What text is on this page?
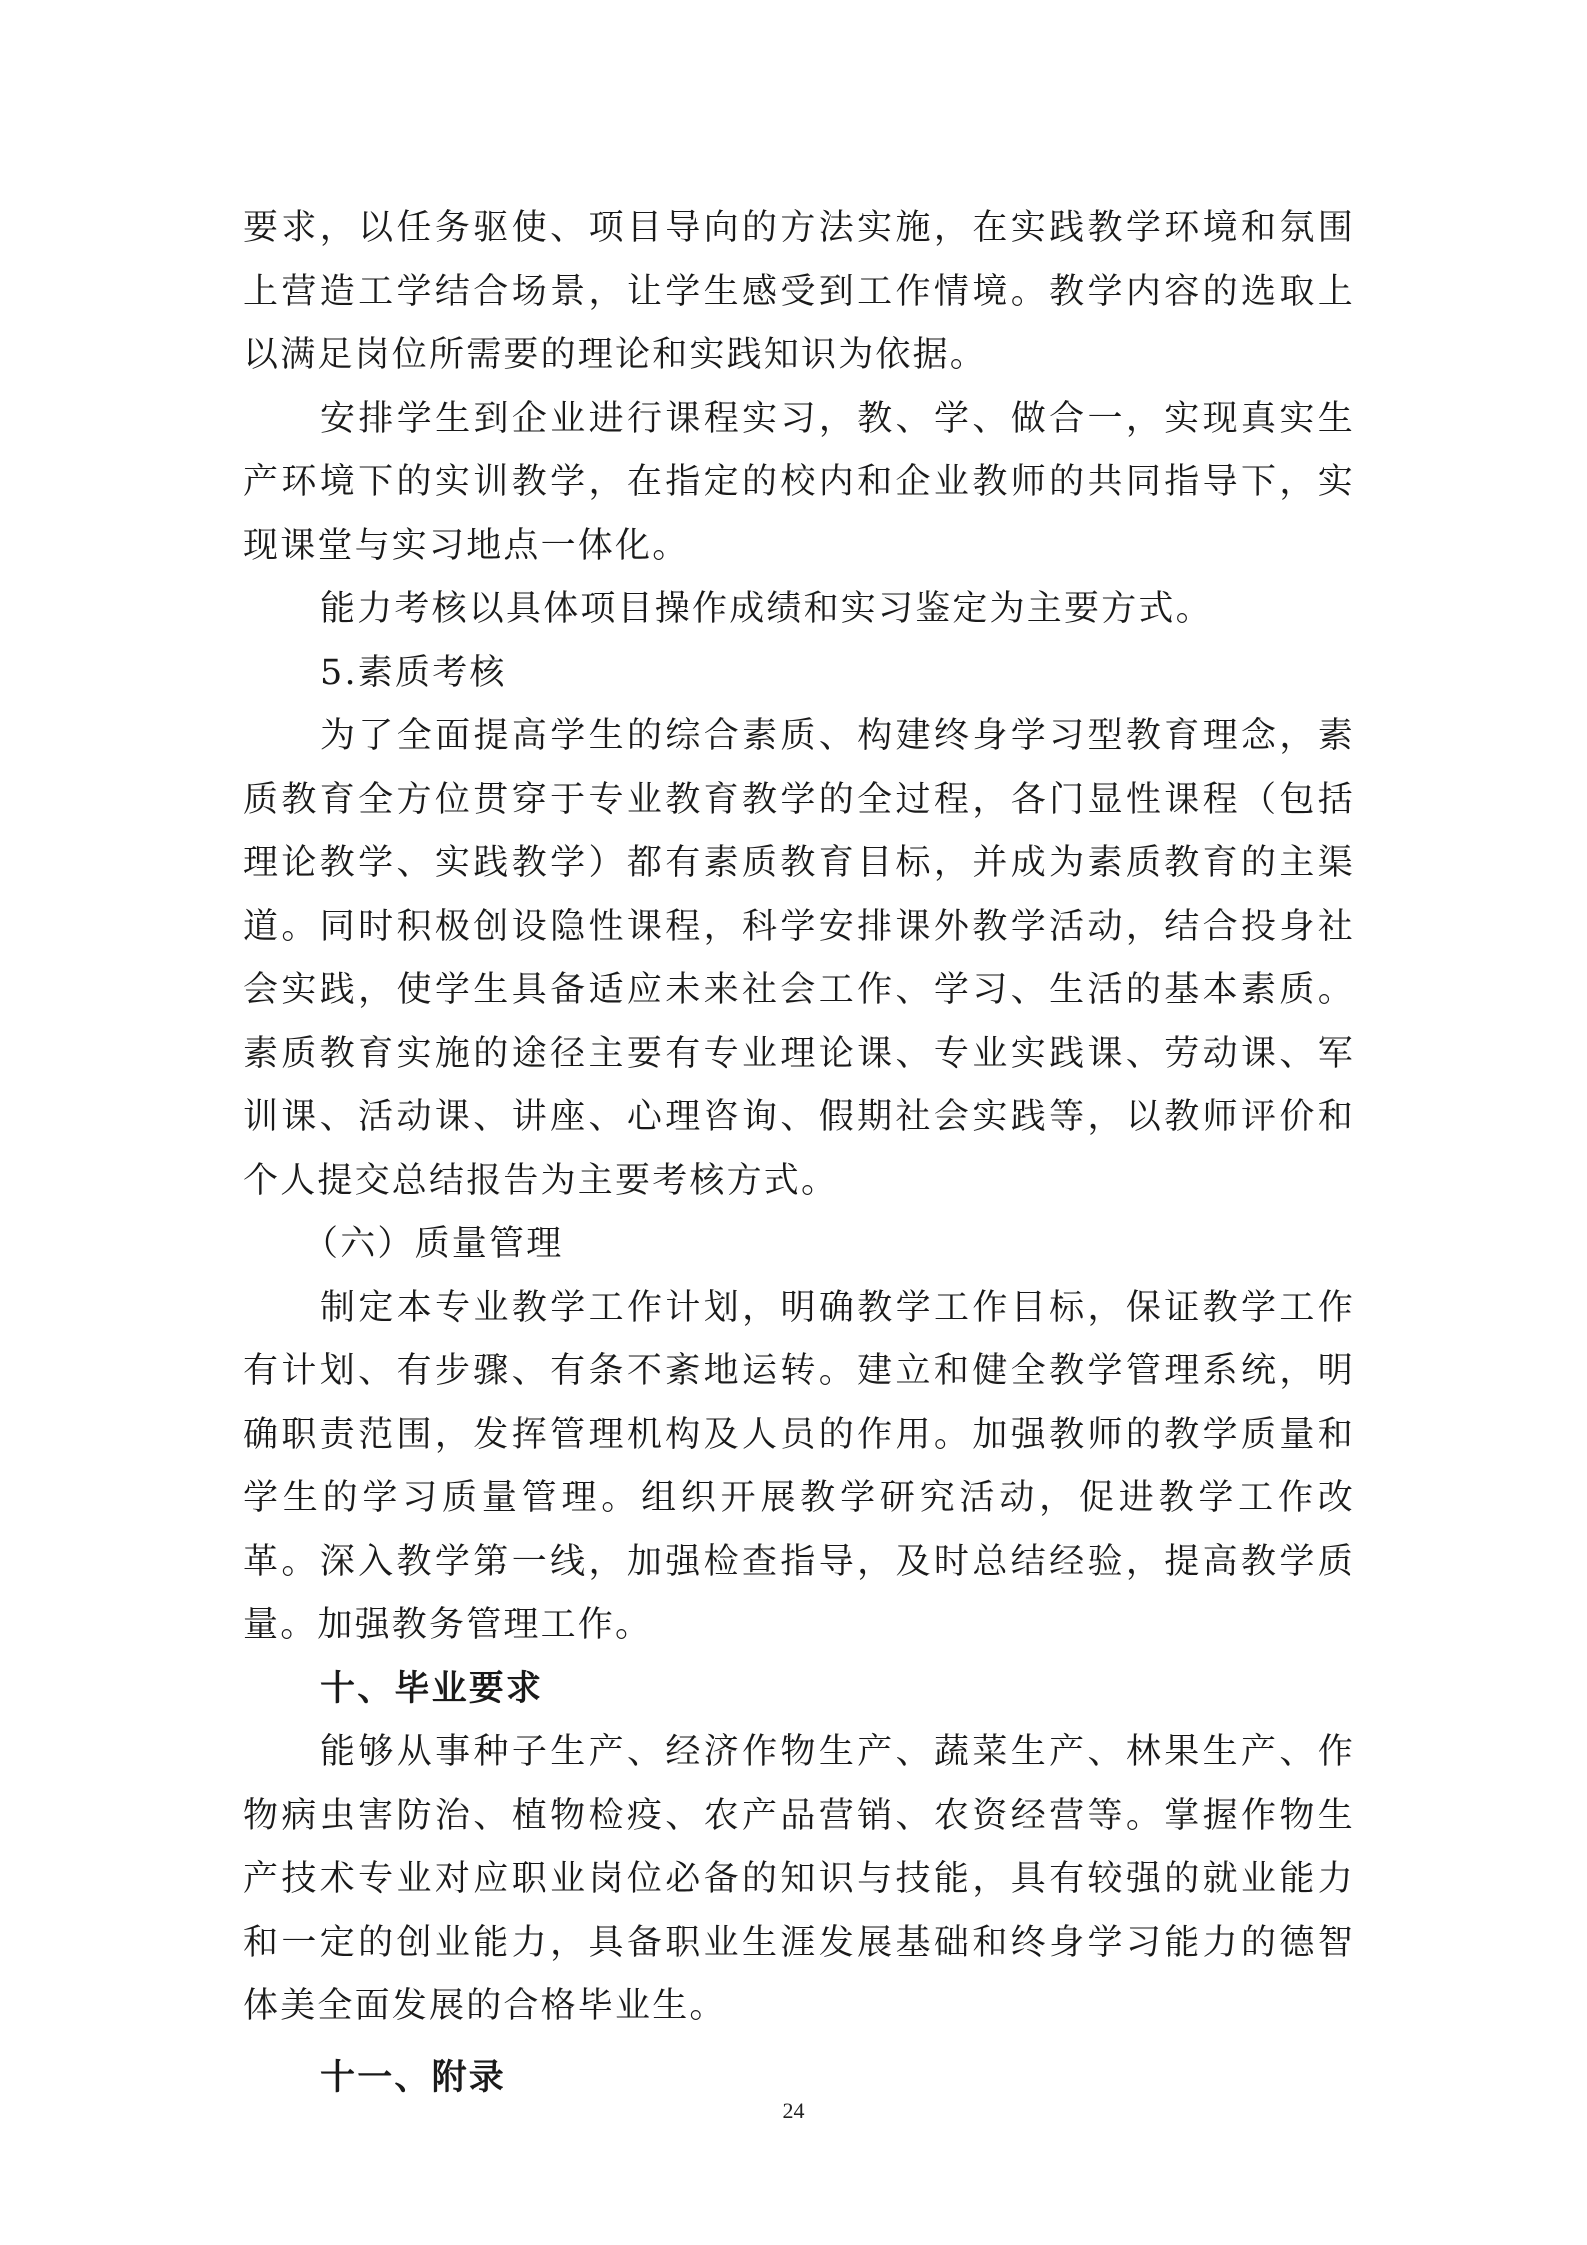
要求，以任务驱使、项目导向的方法实施，在实践教学环境和氛围上营造工学结合场景，让学生感受到工作情境。教学内容的选取上以满足岗位所需要的理论和实践知识为依据。

安排学生到企业进行课程实习，教、学、做合一，实现真实生产环境下的实训教学，在指定的校内和企业教师的共同指导下，实现课堂与实习地点一体化。

能力考核以具体项目操作成绩和实习鉴定为主要方式。

5.素质考核

为了全面提高学生的综合素质、构建终身学习型教育理念，素质教育全方位贯穿于专业教育教学的全过程，各门显性课程（包括理论教学、实践教学）都有素质教育目标，并成为素质教育的主渠道。同时积极创设隐性课程，科学安排课外教学活动，结合投身社会实践，使学生具备适应未来社会工作、学习、生活的基本素质。素质教育实施的途径主要有专业理论课、专业实践课、劳动课、军训课、活动课、讲座、心理咨询、假期社会实践等，以教师评价和个人提交总结报告为主要考核方式。

（六）质量管理

制定本专业教学工作计划，明确教学工作目标，保证教学工作有计划、有步骤、有条不紊地运转。建立和健全教学管理系统，明确职责范围，发挥管理机构及人员的作用。加强教师的教学质量和学生的学习质量管理。组织开展教学研究活动，促进教学工作改革。深入教学第一线，加强检查指导，及时总结经验，提高教学质量。加强教务管理工作。

十、毕业要求

能够从事种子生产、经济作物生产、蔬菜生产、林果生产、作物病虫害防治、植物检疫、农产品营销、农资经营等。掌握作物生产技术专业对应职业岗位必备的知识与技能，具有较强的就业能力和一定的创业能力，具备职业生涯发展基础和终身学习能力的德智体美全面发展的合格毕业生。

十一、附录

24
